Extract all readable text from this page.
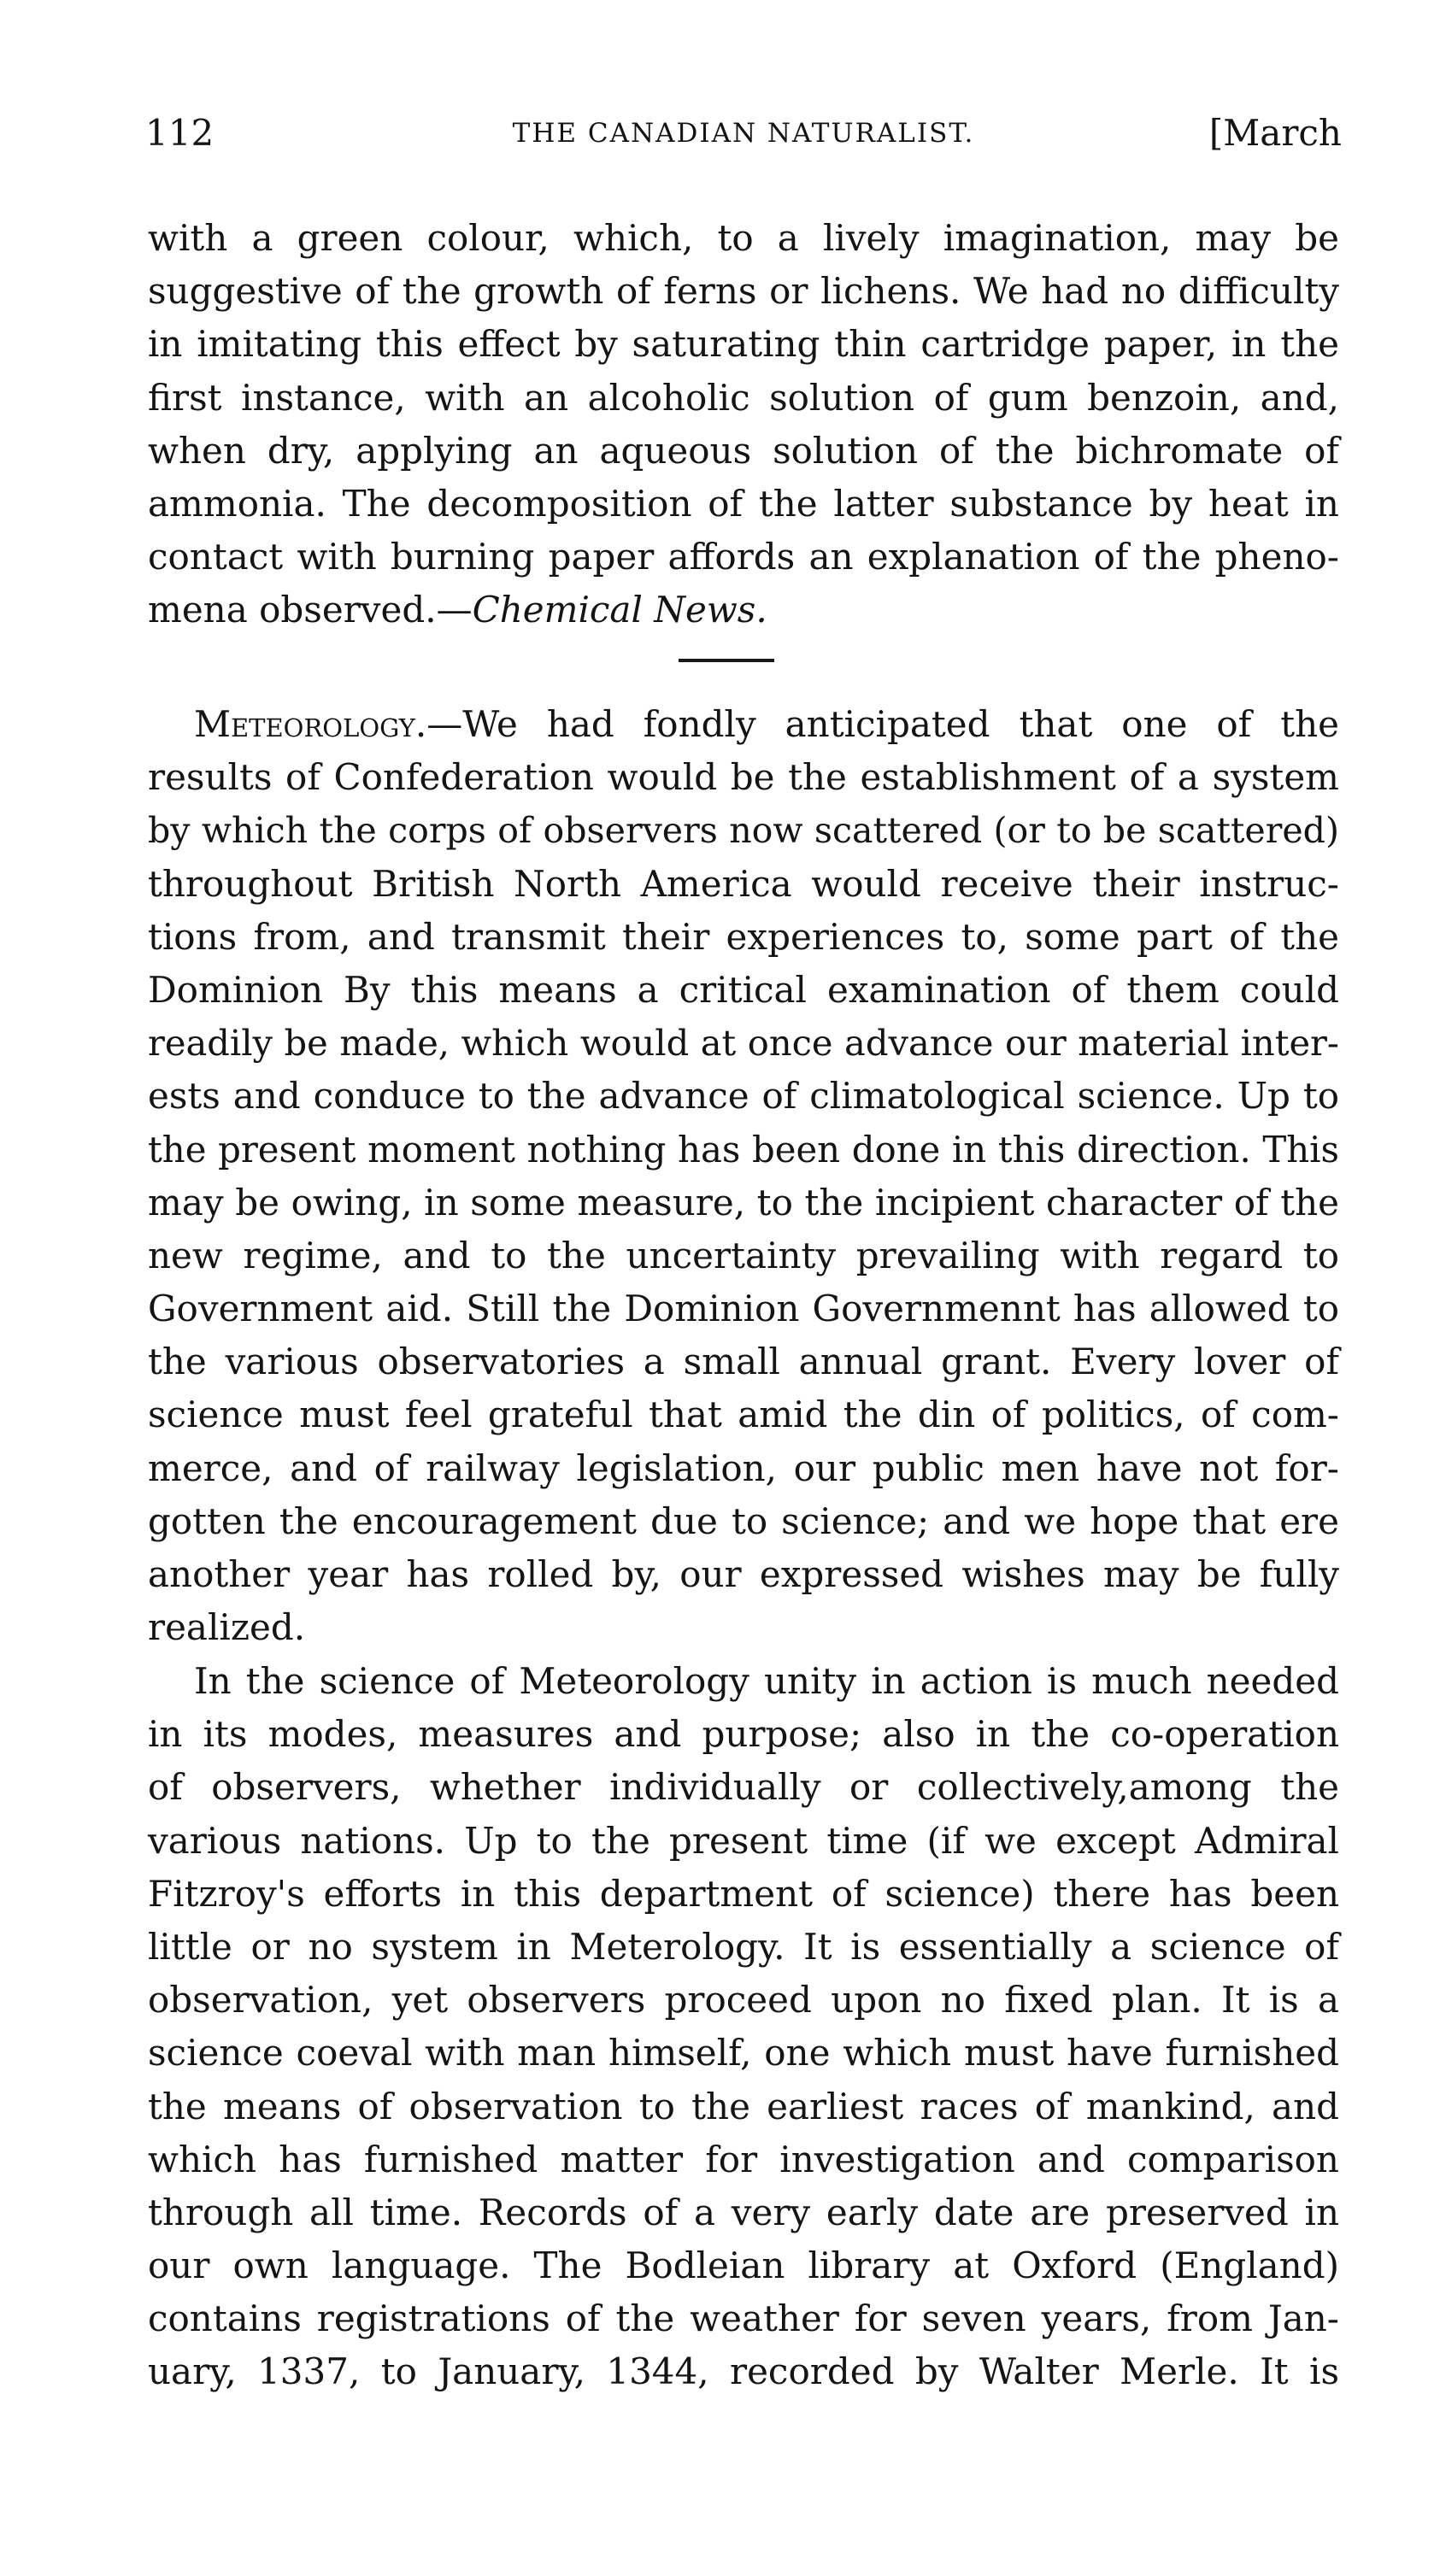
112	THE CANADIAN NATURALIST.	[March
with a green colour, which, to a lively imagination, may be
suggestive of the growth of ferns or lichens. We had no difficulty
in imitating this effect by saturating thin cartridge paper, in the
first instance, with an alcoholic solution of gum benzoin, and,
when dry, applying an aqueous solution of the bichromate of
ammonia. The decomposition of the latter substance by heat in
contact with burning paper affords an explanation of the pheno-
mena observed.—Chemical News.
Meteorology.—We had fondly anticipated that one of the
results of Confederation would be the establishment of a system
by which the corps of observers now scattered (or to be scattered)
throughout British North America would receive their instruc-
tions from, and transmit their experiences to, some part of the
Dominion By this means a critical examination of them could
readily be made, which would at once advance our material inter-
ests and conduce to the advance of climatological science. Up to
the present moment nothing has been done in this direction. This
may be owing, in some measure, to the incipient character of the
new regime, and to the uncertainty prevailing with regard to
Government aid. Still the Dominion Governmennt has allowed to
the various observatories a small annual grant. Every lover of
science must feel grateful that amid the din of politics, of com-
merce, and of railway legislation, our public men have not for-
gotten the encouragement due to science; and we hope that ere
another year has rolled by, our expressed wishes may be fully
realized.
In the science of Meteorology unity in action is much needed
in its modes, measures and purpose; also in the co-operation
of observers, whether individually or collectively,among the
various nations. Up to the present time (if we except Admiral
Fitzroy's efforts in this department of science) there has been
little or no system in Meterology. It is essentially a science of
observation, yet observers proceed upon no fixed plan. It is a
science coeval with man himself, one which must have furnished
the means of observation to the earliest races of mankind, and
which has furnished matter for investigation and comparison
through all time. Records of a very early date are preserved in
our own language. The Bodleian library at Oxford (England)
contains registrations of the weather for seven years, from Jan-
uary, 1337, to January, 1344, recorded by Walter Merle. It is
